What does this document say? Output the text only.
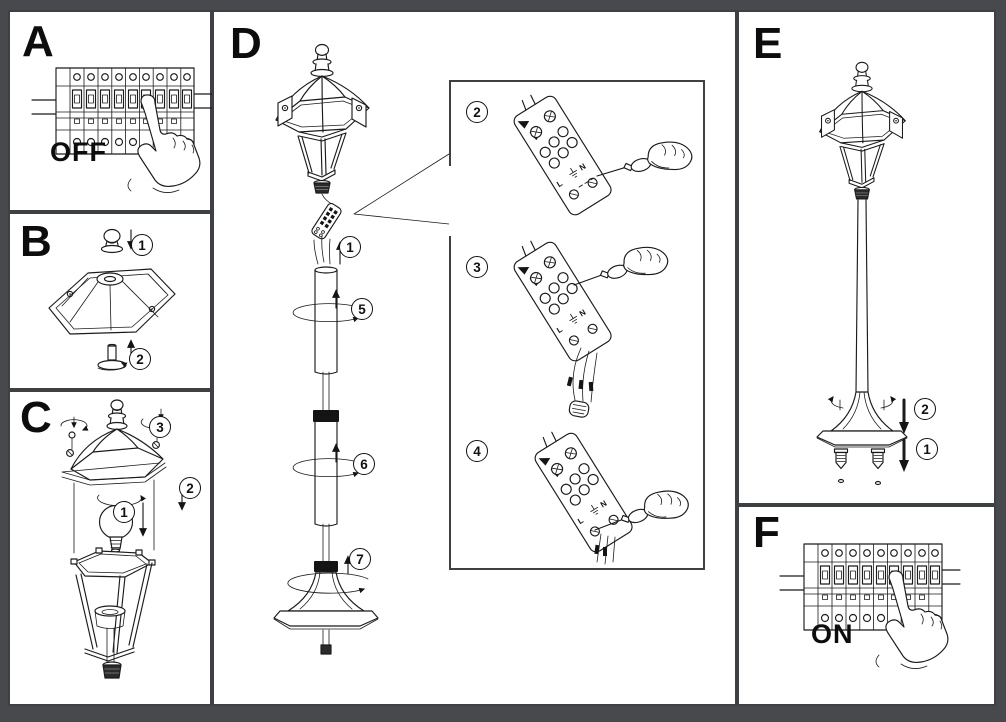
A
OFF
B	1
2
C	3
2
1
D
2
3
4
1
5
6
7
E
2
1
F
ON
